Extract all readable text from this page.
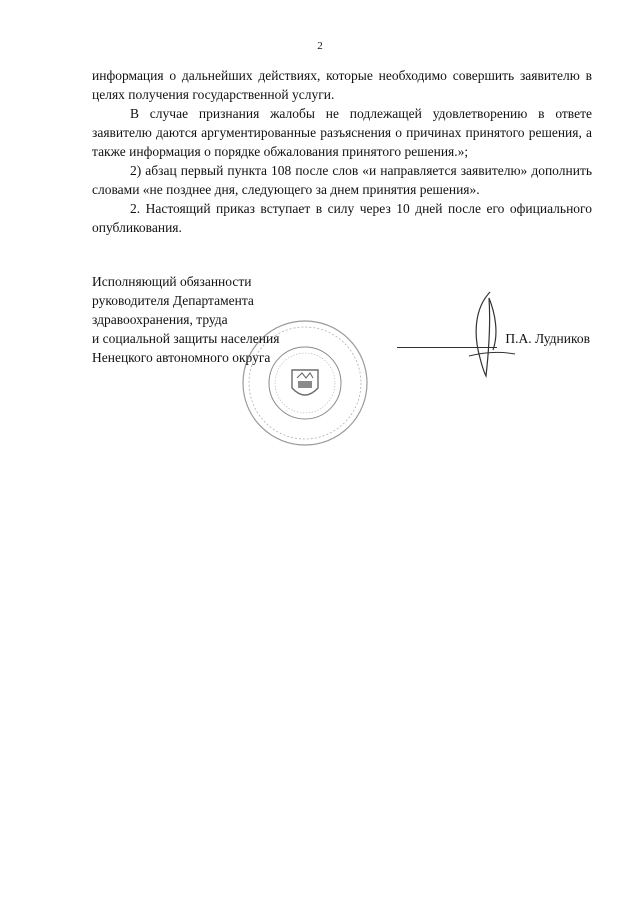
2

информация о дальнейших действиях, которые необходимо совершить заявителю в целях получения государственной услуги.

В случае признания жалобы не подлежащей удовлетворению в ответе заявителю даются аргументированные разъяснения о причинах принятого решения, а также информация о порядке обжалования принятого решения.»;

2) абзац первый пункта 108 после слов «и направляется заявителю» дополнить словами «не позднее дня, следующего за днем принятия решения».

2. Настоящий приказ вступает в силу через 10 дней после его официального опубликования.

Исполняющий обязанности
руководителя Департамента
здравоохранения, труда
и социальной защиты населения
Ненецкого автономного округа
П.А. Лудников
